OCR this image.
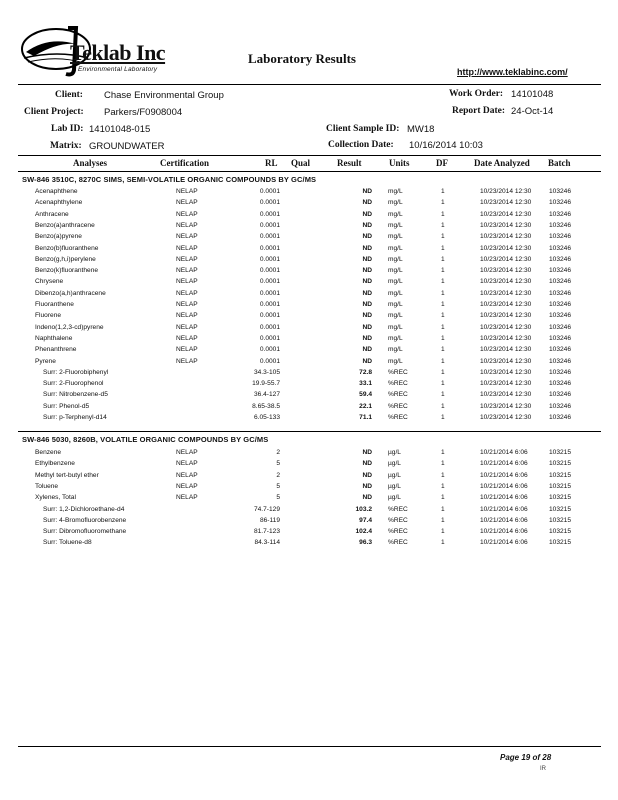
Teklab Inc
Environmental Laboratory
Laboratory Results
http://www.teklabinc.com/
Client: Chase Environmental Group
Client Project: Parkers/F0908004
Lab ID: 14101048-015
Matrix: GROUNDWATER
Work Order: 14101048
Report Date: 24-Oct-14
Client Sample ID: MW18
Collection Date: 10/16/2014 10:03
Analyses	Certification	RL Qual	Result	Units	DF	Date Analyzed Batch
SW-846 3510C, 8270C SIMS, SEMI-VOLATILE ORGANIC COMPOUNDS BY GC/MS
Acenaphthene	NELAP	0.0001	ND mg/L	1	10/23/2014 12:30	103246
Acenaphthylene	NELAP	0.0001	ND mg/L	1	10/23/2014 12:30	103246
Anthracene	NELAP	0.0001	ND mg/L	1	10/23/2014 12:30	103246
Benzo(a)anthracene	NELAP	0.0001	ND mg/L	1	10/23/2014 12:30	103246
Benzo(a)pyrene	NELAP	0.0001	ND mg/L	1	10/23/2014 12:30	103246
Benzo(b)fluoranthene	NELAP	0.0001	ND mg/L	1	10/23/2014 12:30	103246
Benzo(g,h,i)perylene	NELAP	0.0001	ND mg/L	1	10/23/2014 12:30	103246
Benzo(k)fluoranthene	NELAP	0.0001	ND mg/L	1	10/23/2014 12:30	103246
Chrysene	NELAP	0.0001	ND mg/L	1	10/23/2014 12:30	103246
Dibenzo(a,h)anthracene	NELAP	0.0001	ND mg/L	1	10/23/2014 12:30	103246
Fluoranthene	NELAP	0.0001	ND mg/L	1	10/23/2014 12:30	103246
Fluorene	NELAP	0.0001	ND mg/L	1	10/23/2014 12:30	103246
Indeno(1,2,3-cd)pyrene	NELAP	0.0001	ND mg/L	1	10/23/2014 12:30	103246
Naphthalene	NELAP	0.0001	ND mg/L	1	10/23/2014 12:30	103246
Phenanthrene	NELAP	0.0001	ND mg/L	1	10/23/2014 12:30	103246
Pyrene	NELAP	0.0001	ND mg/L	1	10/23/2014 12:30	103246
Surr: 2-Fluorobiphenyl	34.3-105	72.8 %REC	1	10/23/2014 12:30	103246
Surr: 2-Fluorophenol	19.9-55.7	33.1 %REC	1	10/23/2014 12:30	103246
Surr: Nitrobenzene-d5	36.4-127	59.4 %REC	1	10/23/2014 12:30	103246
Surr: Phenol-d5	8.65-38.5	22.1 %REC	1	10/23/2014 12:30	103246
Surr: p-Terphenyl-d14	6.05-133	71.1 %REC	1	10/23/2014 12:30	103246
SW-846 5030, 8260B, VOLATILE ORGANIC COMPOUNDS BY GC/MS
Benzene	NELAP	2	ND µg/L	1	10/21/2014 6:06	103215
Ethylbenzene	NELAP	5	ND µg/L	1	10/21/2014 6:06	103215
Methyl tert-butyl ether	NELAP	2	ND µg/L	1	10/21/2014 6:06	103215
Toluene	NELAP	5	ND µg/L	1	10/21/2014 6:06	103215
Xylenes, Total	NELAP	5	ND µg/L	1	10/21/2014 6:06	103215
Surr: 1,2-Dichloroethane-d4	74.7-129	103.2 %REC	1	10/21/2014 6:06	103215
Surr: 4-Bromofluorobenzene	86-119	97.4 %REC	1	10/21/2014 6:06	103215
Surr: Dibromofluoromethane	81.7-123	102.4 %REC	1	10/21/2014 6:06	103215
Surr: Toluene-d8	84.3-114	96.3 %REC	1	10/21/2014 6:06	103215
Page 19 of 28
IR
